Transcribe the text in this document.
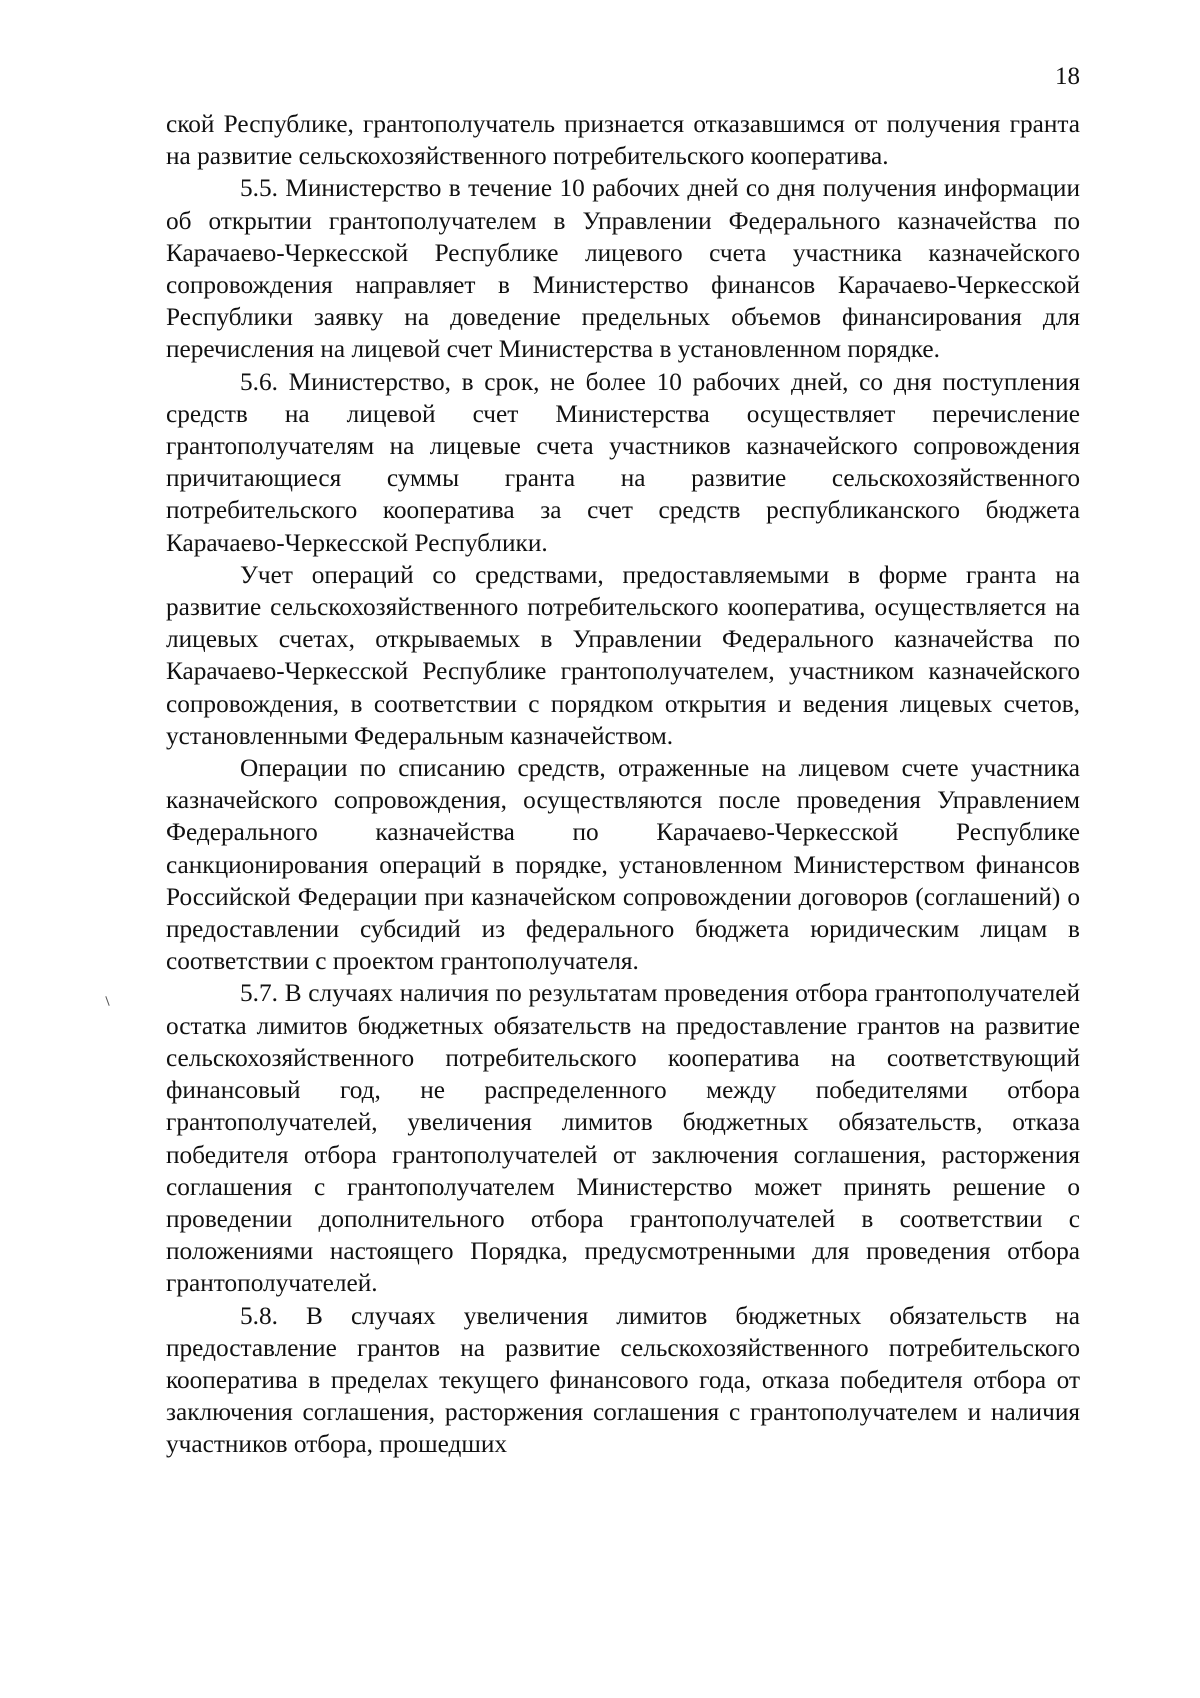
18

ской Республике, грантополучатель признается отказавшимся от получения гранта на развитие сельскохозяйственного потребительского кооператива.

5.5. Министерство в течение 10 рабочих дней со дня получения информации об открытии грантополучателем в Управлении Федерального казначейства по Карачаево-Черкесской Республике лицевого счета участника казначейского сопровождения направляет в Министерство финансов Карачаево-Черкесской Республики заявку на доведение предельных объемов финансирования для перечисления на лицевой счет Министерства в установленном порядке.

5.6. Министерство, в срок, не более 10 рабочих дней, со дня поступления средств на лицевой счет Министерства осуществляет перечисление грантополучателям на лицевые счета участников казначейского сопровождения причитающиеся суммы гранта на развитие сельскохозяйственного потребительского кооператива за счет средств республиканского бюджета Карачаево-Черкесской Республики.

Учет операций со средствами, предоставляемыми в форме гранта на развитие сельскохозяйственного потребительского кооператива, осуществляется на лицевых счетах, открываемых в Управлении Федерального казначейства по Карачаево-Черкесской Республике грантополучателем, участником казначейского сопровождения, в соответствии с порядком открытия и ведения лицевых счетов, установленными Федеральным казначейством.

Операции по списанию средств, отраженные на лицевом счете участника казначейского сопровождения, осуществляются после проведения Управлением Федерального казначейства по Карачаево-Черкесской Республике санкционирования операций в порядке, установленном Министерством финансов Российской Федерации при казначейском сопровождении договоров (соглашений) о предоставлении субсидий из федерального бюджета юридическим лицам в соответствии с проектом грантополучателя.

5.7. В случаях наличия по результатам проведения отбора грантополучателей остатка лимитов бюджетных обязательств на предоставление грантов на развитие сельскохозяйственного потребительского кооператива на соответствующий финансовый год, не распределенного между победителями отбора грантополучателей, увеличения лимитов бюджетных обязательств, отказа победителя отбора грантополучателей от заключения соглашения, расторжения соглашения с грантополучателем Министерство может принять решение о проведении дополнительного отбора грантополучателей в соответствии с положениями настоящего Порядка, предусмотренными для проведения отбора грантополучателей.

5.8. В случаях увеличения лимитов бюджетных обязательств на предоставление грантов на развитие сельскохозяйственного потребительского кооператива в пределах текущего финансового года, отказа победителя отбора от заключения соглашения, расторжения соглашения с грантополучателем и наличия участников отбора, прошедших
